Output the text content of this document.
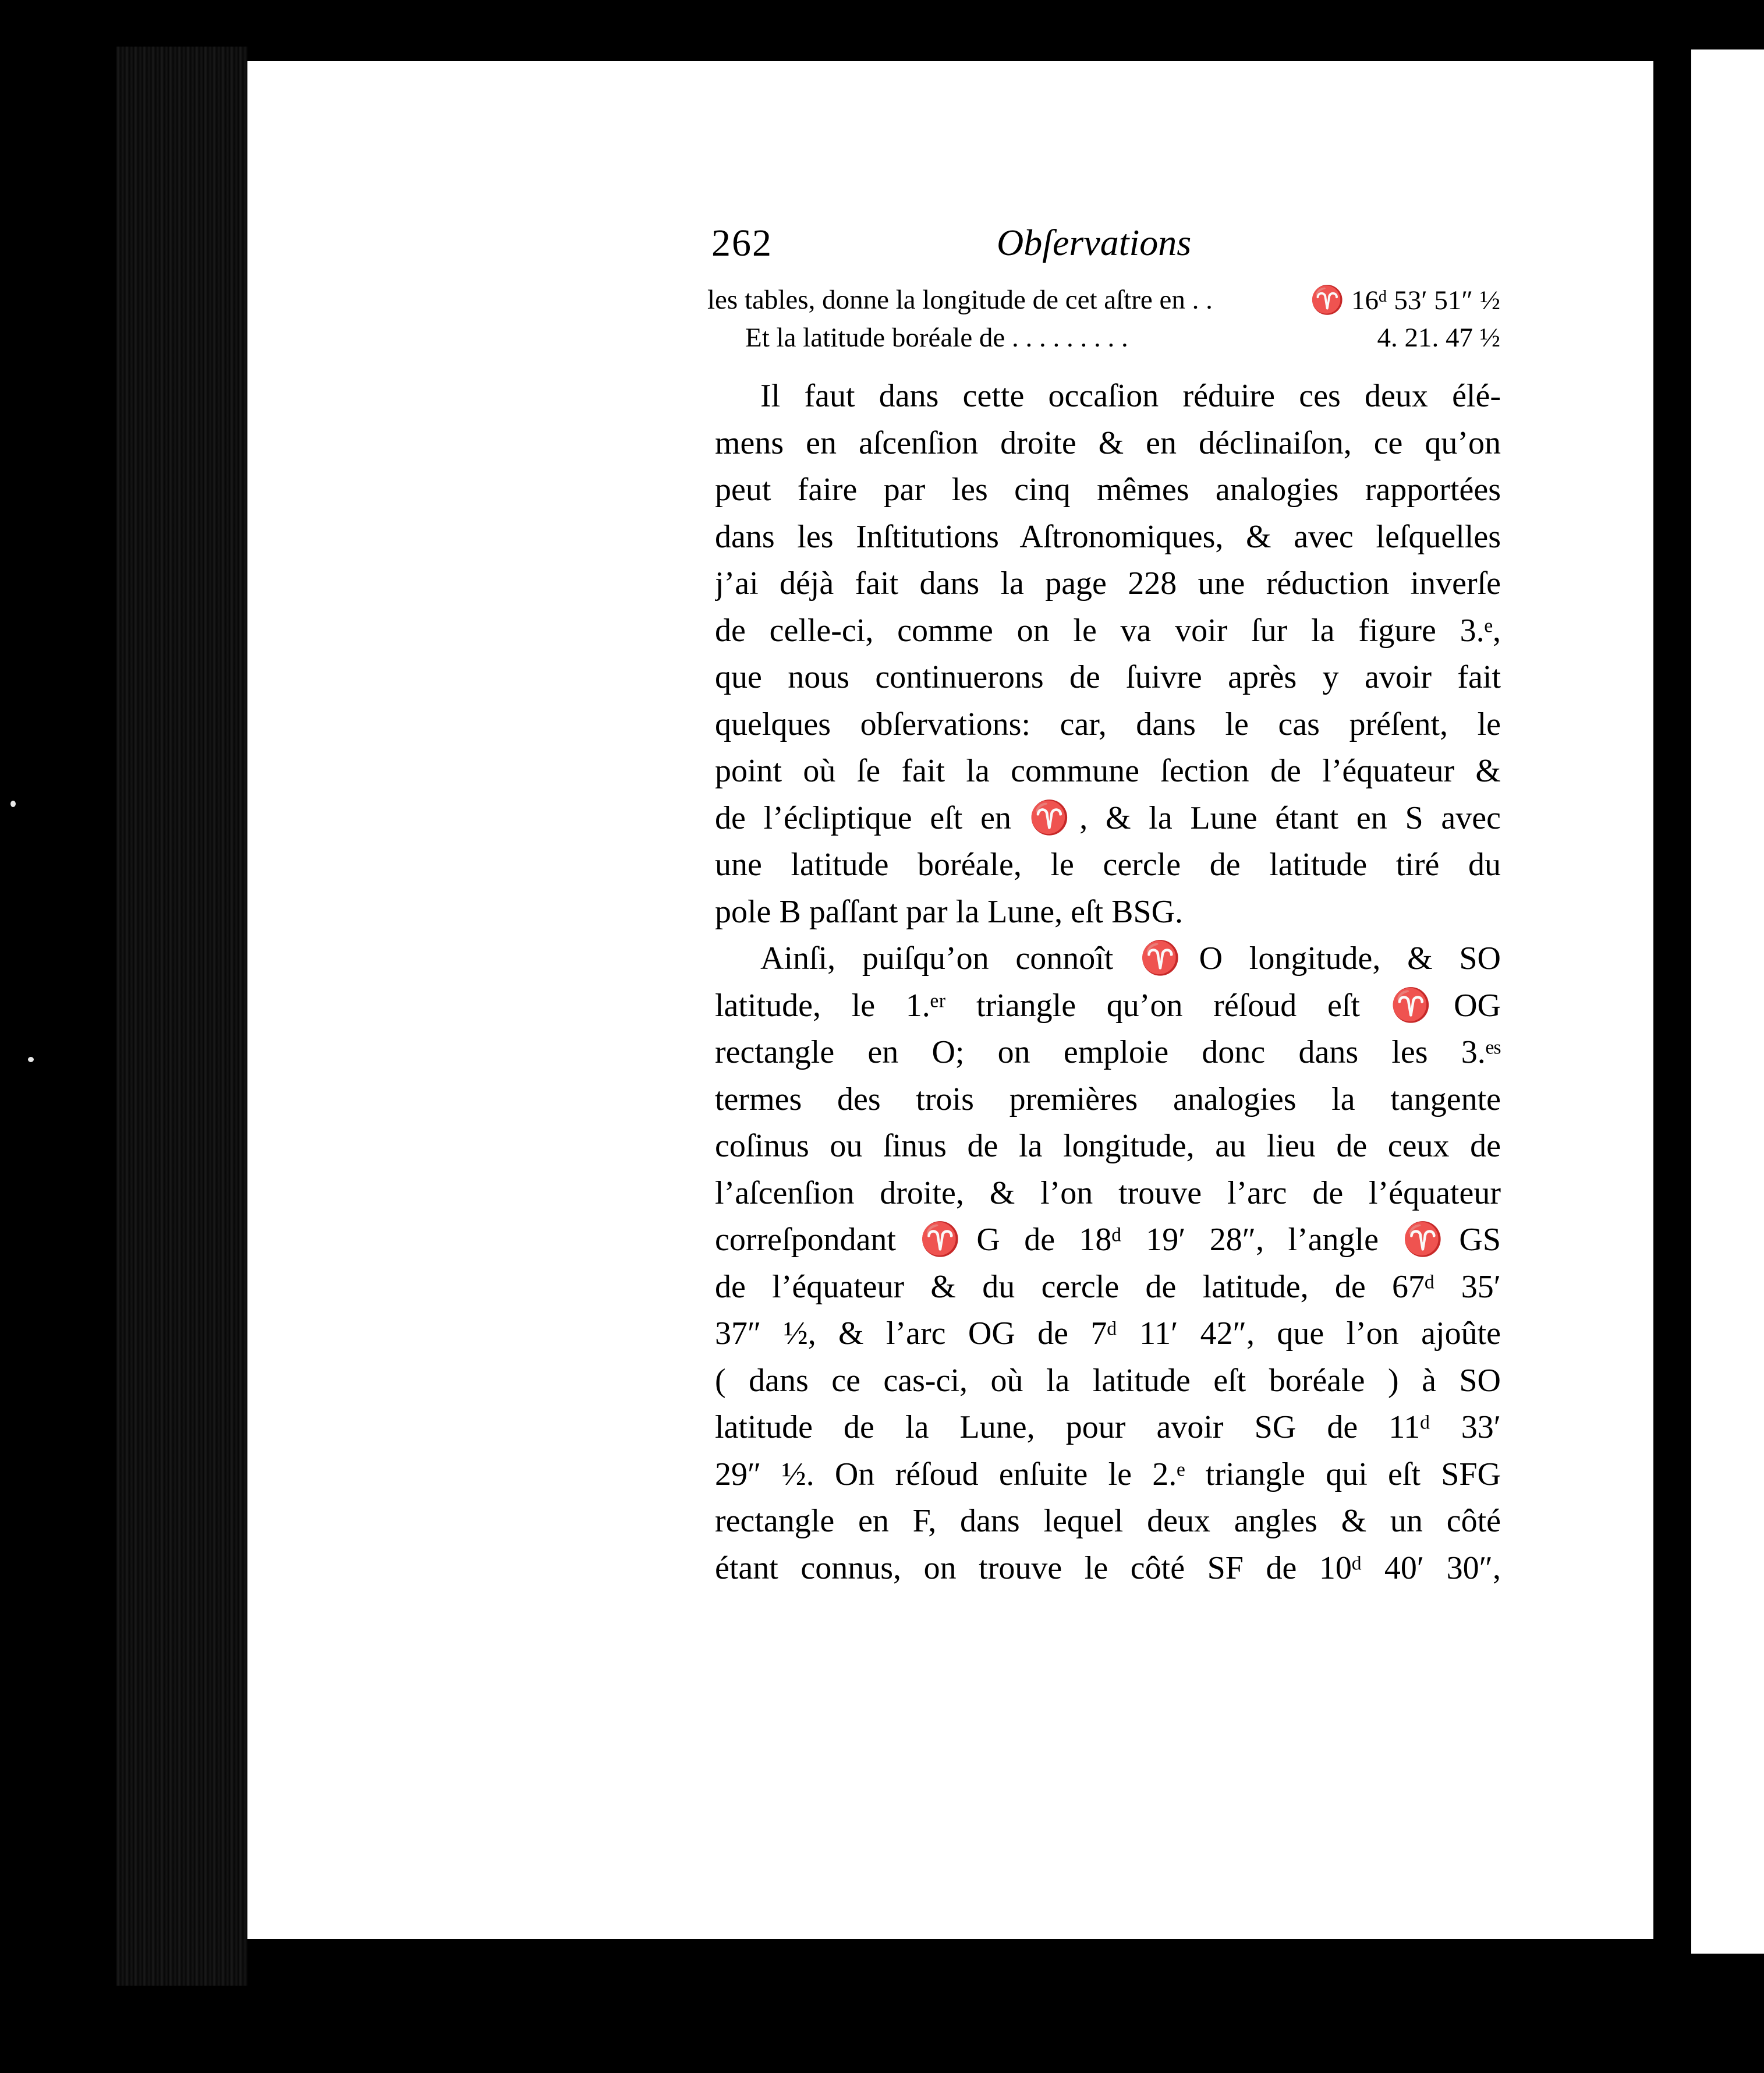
262	Obſervations
les tables, donne la longitude de cet aſtre en . .	♈ 16ᵈ 53′ 51″ ½
Et la latitude boréale de . . . . . . . . .	4. 21. 47 ½

Il faut dans cette occaſion réduire ces deux élé-
mens en aſcenſion droite & en déclinaiſon, ce qu’on
peut faire par les cinq mêmes analogies rapportées
dans les Inſtitutions Aſtronomiques, & avec leſquelles
j’ai déjà fait dans la page 228 une réduction inverſe
de celle-ci, comme on le va voir ſur la figure 3.ᵉ,
que nous continuerons de ſuivre après y avoir fait
quelques obſervations: car, dans le cas préſent, le
point où ſe fait la commune ſection de l’équateur &
de l’écliptique eſt en ♈, & la Lune étant en S avec
une latitude boréale, le cercle de latitude tiré du
pole B paſſant par la Lune, eſt BSG.

Ainſi, puiſqu’on connoît ♈O longitude, & SO
latitude, le 1.ᵉʳ triangle qu’on réſoud eſt ♈OG
rectangle en O; on emploie donc dans les 3.ᵉˢ
termes des trois premières analogies la tangente
coſinus ou ſinus de la longitude, au lieu de ceux de
l’aſcenſion droite, & l’on trouve l’arc de l’équateur
correſpondant ♈G de 18ᵈ 19′ 28″, l’angle ♈GS
de l’équateur & du cercle de latitude, de 67ᵈ 35′
37″ ½, & l’arc OG de 7ᵈ 11′ 42″, que l’on ajoûte
( dans ce cas-ci, où la latitude eſt boréale ) à SO
latitude de la Lune, pour avoir SG de 11ᵈ 33′
29″ ½. On réſoud enſuite le 2.ᵉ triangle qui eſt SFG
rectangle en F, dans lequel deux angles & un côté
étant connus, on trouve le côté SF de 10ᵈ 40′ 30″,
